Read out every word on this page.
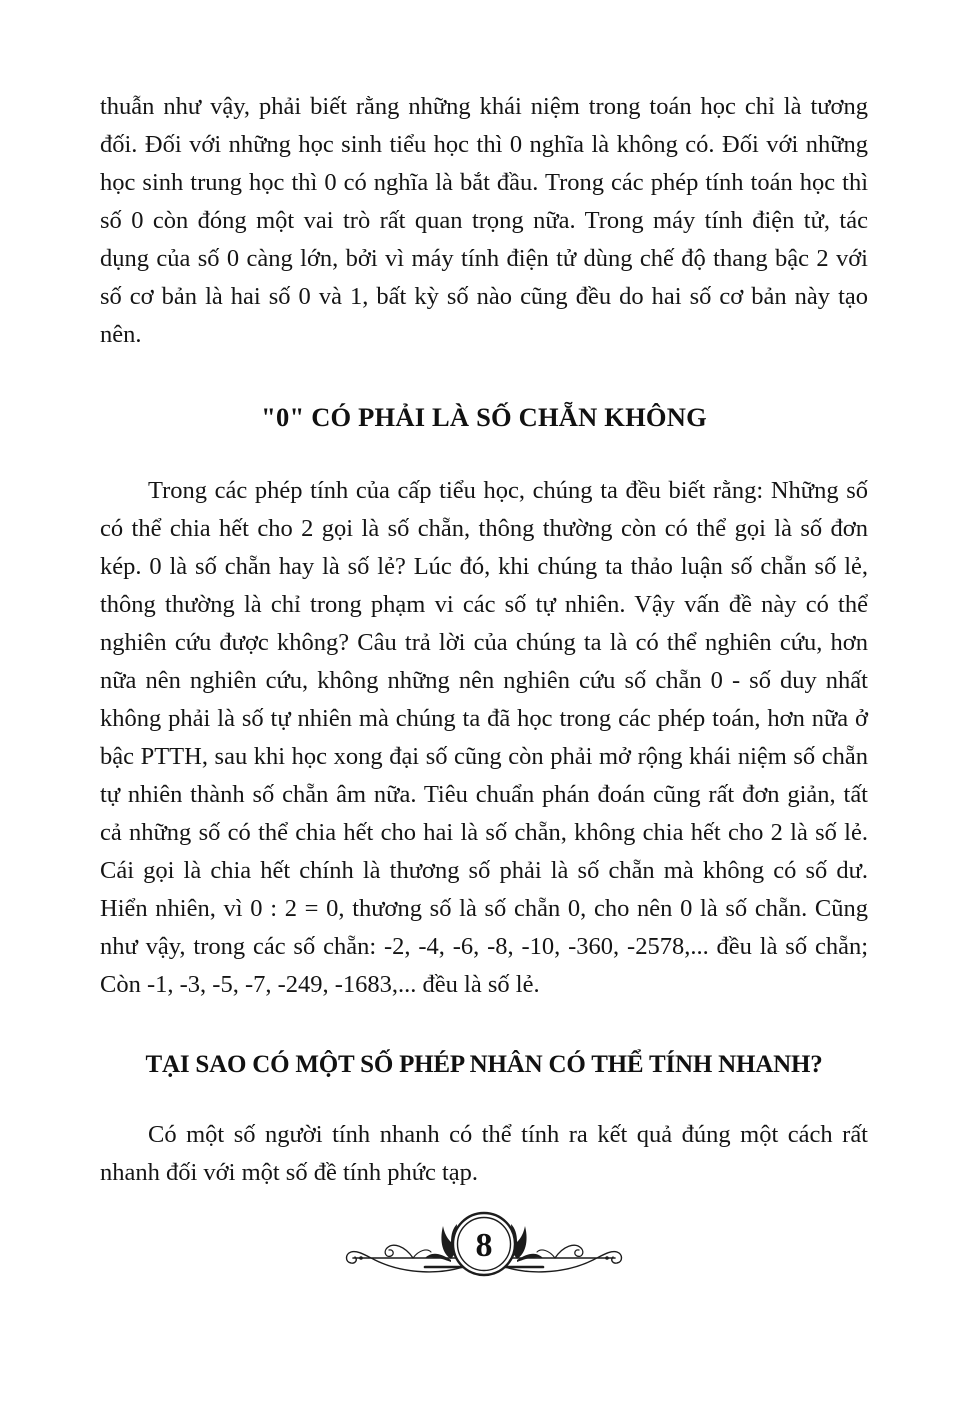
thuẫn như vậy, phải biết rằng những khái niệm trong toán học chỉ là tương đối. Đối với những học sinh tiểu học thì 0 nghĩa là không có. Đối với những học sinh trung học thì 0 có nghĩa là bắt đầu. Trong các phép tính toán học thì số 0 còn đóng một vai trò rất quan trọng nữa. Trong máy tính điện tử, tác dụng của số 0 càng lớn, bởi vì máy tính điện tử dùng chế độ thang bậc 2 với số cơ bản là hai số 0 và 1, bất kỳ số nào cũng đều do hai số cơ bản này tạo nên.

"0" CÓ PHẢI LÀ SỐ CHẴN KHÔNG

Trong các phép tính của cấp tiểu học, chúng ta đều biết rằng: Những số có thể chia hết cho 2 gọi là số chẵn, thông thường còn có thể gọi là số đơn kép. 0 là số chẵn hay là số lẻ? Lúc đó, khi chúng ta thảo luận số chẵn số lẻ, thông thường là chỉ trong phạm vi các số tự nhiên. Vậy vấn đề này có thể nghiên cứu được không? Câu trả lời của chúng ta là có thể nghiên cứu, hơn nữa nên nghiên cứu, không những nên nghiên cứu số chẵn 0 - số duy nhất không phải là số tự nhiên mà chúng ta đã học trong các phép toán, hơn nữa ở bậc PTTH, sau khi học xong đại số cũng còn phải mở rộng khái niệm số chẵn tự nhiên thành số chẵn âm nữa. Tiêu chuẩn phán đoán cũng rất đơn giản, tất cả những số có thể chia hết cho hai là số chẵn, không chia hết cho 2 là số lẻ. Cái gọi là chia hết chính là thương số phải là số chẵn mà không có số dư. Hiển nhiên, vì 0 : 2 = 0, thương số là số chẵn 0, cho nên 0 là số chẵn. Cũng như vậy, trong các số chẵn: -2, -4, -6, -8, -10, -360, -2578,... đều là số chẵn; Còn -1, -3, -5, -7, -249, -1683,... đều là số lẻ.

TẠI SAO CÓ MỘT SỐ PHÉP NHÂN CÓ THỂ TÍNH NHANH?

Có một số người tính nhanh có thể tính ra kết quả đúng một cách rất nhanh đối với một số đề tính phức tạp.

8
